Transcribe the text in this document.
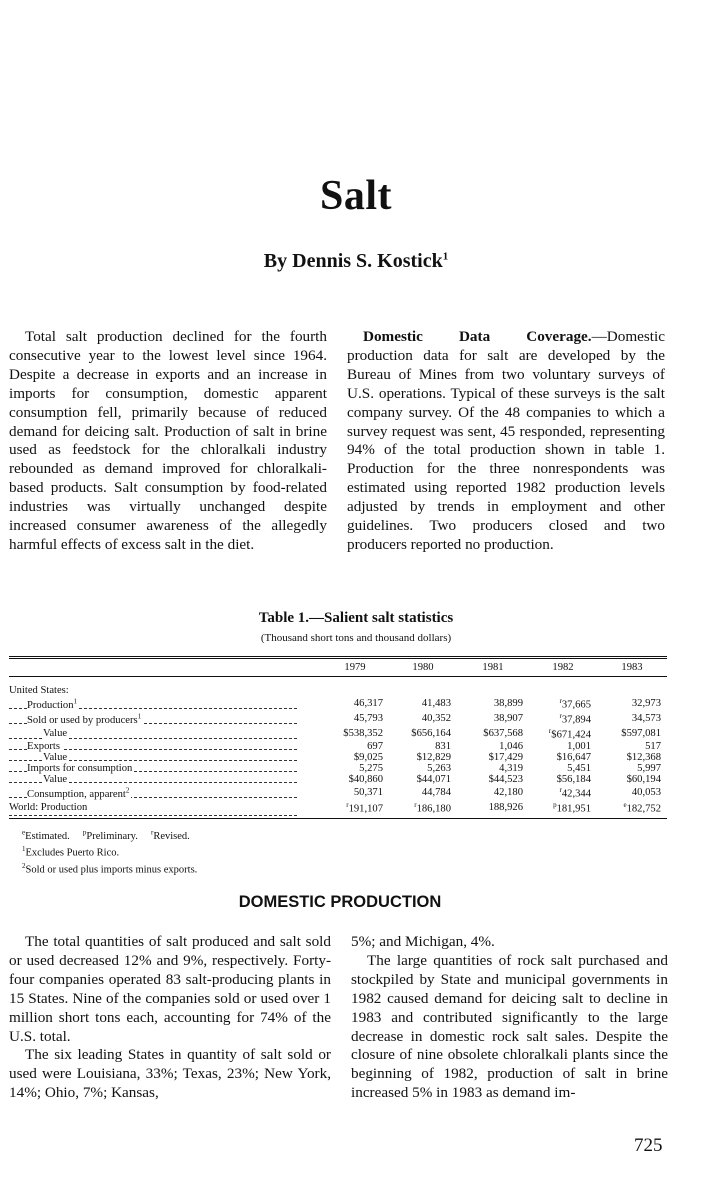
Salt
By Dennis S. Kostick$^1$

Total salt production declined for the fourth consecutive year to the lowest level since 1964. Despite a decrease in exports and an increase in imports for consumption, domestic apparent consumption fell, primarily because of reduced demand for deicing salt. Production of salt in brine used as feedstock for the chloralkali industry rebounded as demand improved for chloralkali-based products. Salt consumption by food-related industries was virtually unchanged despite increased consumer awareness of the allegedly harmful effects of excess salt in the diet.

Domestic Data Coverage.—Domestic production data for salt are developed by the Bureau of Mines from two voluntary surveys of U.S. operations. Typical of these surveys is the salt company survey. Of the 48 companies to which a survey request was sent, 45 responded, representing 94% of the total production shown in table 1. Production for the three nonrespondents was estimated using reported 1982 production levels adjusted by trends in employment and other guidelines. Two producers closed and two producers reported no production.

Table 1.—Salient salt statistics
(Thousand short tons and thousand dollars)
	1979	1980	1981	1982	1983

United States:					

Production$^1$	46,317	41,483	38,899	$^r$37,665	32,973

Sold or used by producers$^1$	45,793	40,352	38,907	$^r$37,894	34,573

Value	$538,352	$656,164	$637,568	$^r$\$671,424	$597,081

Exports	697	831	1,046	1,001	517

Value	$9,025	$12,829	$17,429	$16,647	$12,368

Imports for consumption	5,275	5,263	4,319	5,451	5,997

Value	$40,860	$44,071	$44,523	$56,184	$60,194

Consumption, apparent$^2$	50,371	44,784	42,180	$^r$42,344	40,053

World: Production	$^r$191,107	$^r$186,180	188,926	$^p$181,951	$^e$182,752
$^e$Estimated. $^p$Preliminary. $^r$Revised.
$^1$Excludes Puerto Rico.
$^2$Sold or used plus imports minus exports.
DOMESTIC PRODUCTION

The total quantities of salt produced and salt sold or used decreased 12% and 9%, respectively. Forty-four companies operated 83 salt-producing plants in 15 States. Nine of the companies sold or used over 1 million short tons each, accounting for 74% of the U.S. total.

The six leading States in quantity of salt sold or used were Louisiana, 33%; Texas, 23%; New York, 14%; Ohio, 7%; Kansas,

5%; and Michigan, 4%.

The large quantities of rock salt purchased and stockpiled by State and municipal governments in 1982 caused demand for deicing salt to decline in 1983 and contributed significantly to the large decrease in domestic rock salt sales. Despite the closure of nine obsolete chloralkali plants since the beginning of 1982, production of salt in brine increased 5% in 1983 as demand im-

725
